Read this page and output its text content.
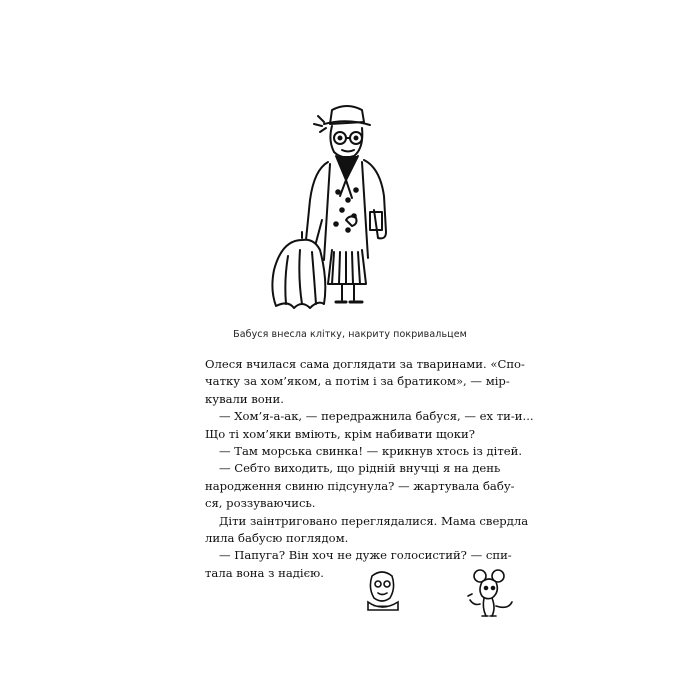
Бабуся внесла клітку, накриту покривальцем
Олеся вчилася сама доглядати за тваринами. «Спо-
чатку за хом’яком, а потім і за братиком», — мір-
кували вони.
— Хом’я-а-ак, — передражнила бабуся, — ех ти-и...
Що ті хом’яки вміють, крім набивати щоки?
— Там морська свинка! — крикнув хтось із дітей.
— Себто виходить, що рідній внучці я на день
народження свиню підсунула? — жартувала бабу-
ся, роззуваючись.
Діти заінтриговано переглядалися. Мама свердла
лила бабусю поглядом.
— Папуга? Він хоч не дуже голосистий? — спи-
тала вона з надією.
